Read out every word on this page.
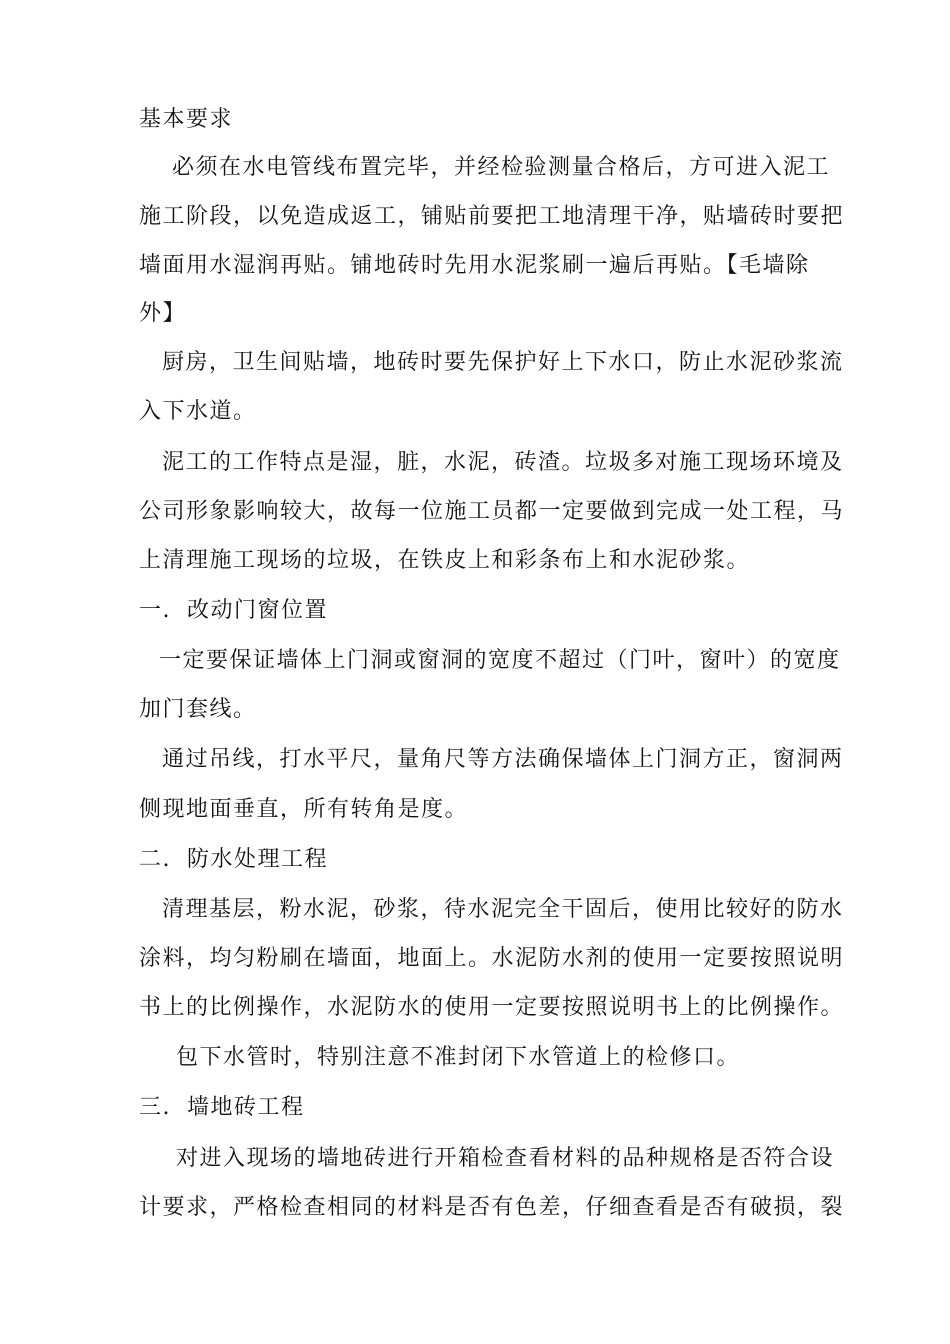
基本要求
必须在水电管线布置完毕，并经检验测量合格后，方可进入泥工
施工阶段，以免造成返工，铺贴前要把工地清理干净，贴墙砖时要把
墙面用水湿润再贴。铺地砖时先用水泥浆刷一遍后再贴。【毛墙除
外】
厨房，卫生间贴墙，地砖时要先保护好上下水口，防止水泥砂浆流
入下水道。
泥工的工作特点是湿，脏，水泥，砖渣。垃圾多对施工现场环境及
公司形象影响较大，故每一位施工员都一定要做到完成一处工程，马
上清理施工现场的垃圾，在铁皮上和彩条布上和水泥砂浆。
一. 改动门窗位置
一定要保证墙体上门洞或窗洞的宽度不超过（门叶，窗叶）的宽度
加门套线。
通过吊线，打水平尺，量角尺等方法确保墙体上门洞方正，窗洞两
侧现地面垂直，所有转角是度。
二. 防水处理工程
清理基层，粉水泥，砂浆，待水泥完全干固后，使用比较好的防水
涂料，均匀粉刷在墙面，地面上。水泥防水剂的使用一定要按照说明
书上的比例操作，水泥防水的使用一定要按照说明书上的比例操作。
包下水管时，特别注意不准封闭下水管道上的检修口。
三. 墙地砖工程
对进入现场的墙地砖进行开箱检查看材料的品种规格是否符合设
计要求，严格检查相同的材料是否有色差，仔细查看是否有破损，裂
